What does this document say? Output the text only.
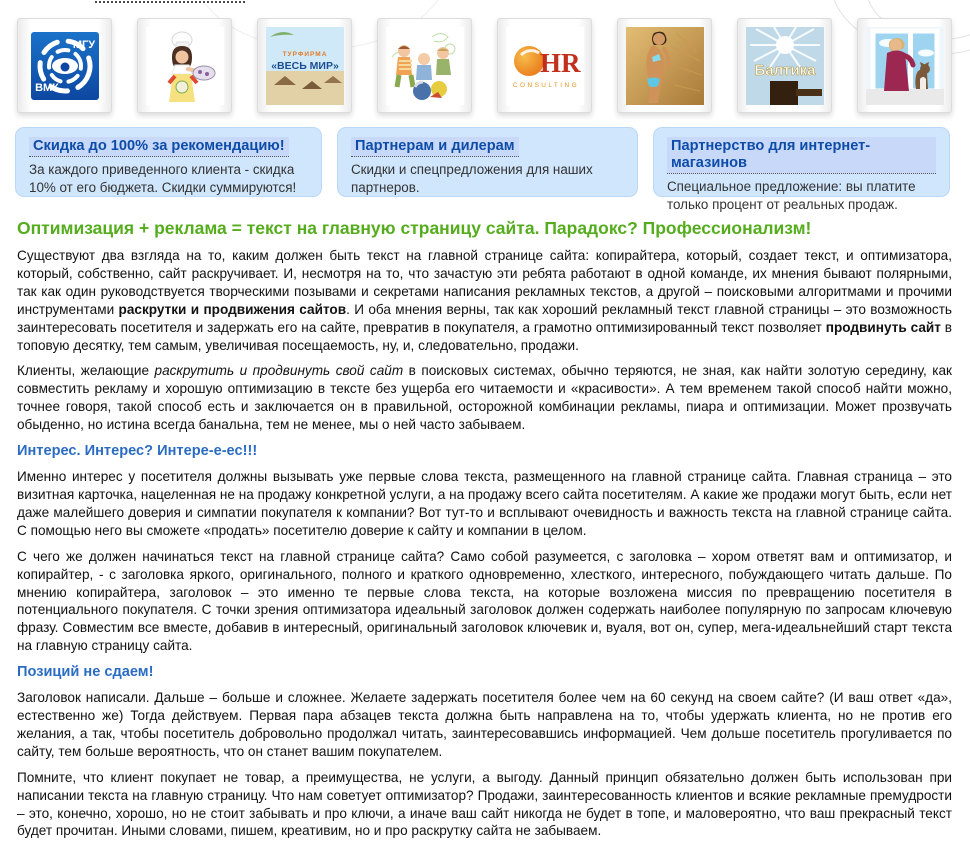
МГУ
ВМК
ТУРФИРМА
«ВЕСЬ МИР»	HR
CONSULTING
Балтика
Скидка до 100% за рекомендацию!
За каждого приведенного клиента - скидка 10% от его бюджета. Скидки суммируются!
Партнерам и дилерам
Скидки и спецпредложения для наших партнеров.
Партнерство для интернет-магазинов
Специальное предложение: вы платите только процент от реальных продаж.
Оптимизация + реклама = текст на главную страницу сайта. Парадокс? Профессионализм!

Существуют два взгляда на то, каким должен быть текст на главной странице сайта: копирайтера, который, создает текст, и оптимизатора, который, собственно, сайт раскручивает. И, несмотря на то, что зачастую эти ребята работают в одной команде, их мнения бывают полярными, так как один руководствуется творческими позывами и секретами написания рекламных текстов, а другой – поисковыми алгоритмами и прочими инструментами раскрутки и продвижения сайтов. И оба мнения верны, так как хороший рекламный текст главной страницы – это возможность заинтересовать посетителя и задержать его на сайте, превратив в покупателя, а грамотно оптимизированный текст позволяет продвинуть сайт в топовую десятку, тем самым, увеличивая посещаемость, ну, и, следовательно, продажи.

Клиенты, желающие раскрутить и продвинуть свой сайт в поисковых системах, обычно теряются, не зная, как найти золотую середину, как совместить рекламу и хорошую оптимизацию в тексте без ущерба его читаемости и «красивости». А тем временем такой способ найти можно, точнее говоря, такой способ есть и заключается он в правильной, осторожной комбинации рекламы, пиара и оптимизации. Может прозвучать обыденно, но истина всегда банальна, тем не менее, мы о ней часто забываем.

Интерес. Интерес? Интере-е-ес!!!

Именно интерес у посетителя должны вызывать уже первые слова текста, размещенного на главной странице сайта. Главная страница – это визитная карточка, нацеленная не на продажу конкретной услуги, а на продажу всего сайта посетителям. А какие же продажи могут быть, если нет даже малейшего доверия и симпатии покупателя к компании? Вот тут-то и всплывают очевидность и важность текста на главной странице сайта. С помощью него вы сможете «продать» посетителю доверие к сайту и компании в целом.

С чего же должен начинаться текст на главной странице сайта? Само собой разумеется, с заголовка – хором ответят вам и оптимизатор, и копирайтер, - с заголовка яркого, оригинального, полного и краткого одновременно, хлесткого, интересного, побуждающего читать дальше. По мнению копирайтера, заголовок – это именно те первые слова текста, на которые возложена миссия по превращению посетителя в потенциального покупателя. С точки зрения оптимизатора идеальный заголовок должен содержать наиболее популярную по запросам ключевую фразу. Совместим все вместе, добавив в интересный, оригинальный заголовок ключевик и, вуаля, вот он, супер, мега-идеальнейший старт текста на главную страницу сайта.

Позиций не сдаем!

Заголовок написали. Дальше – больше и сложнее. Желаете задержать посетителя более чем на 60 секунд на своем сайте? (И ваш ответ «да», естественно же) Тогда действуем. Первая пара абзацев текста должна быть направлена на то, чтобы удержать клиента, но не против его желания, а так, чтобы посетитель добровольно продолжал читать, заинтересовавшись информацией. Чем дольше посетитель прогуливается по сайту, тем больше вероятность, что он станет вашим покупателем.

Помните, что клиент покупает не товар, а преимущества, не услуги, а выгоду. Данный принцип обязательно должен быть использован при написании текста на главную страницу. Что нам советует оптимизатор? Продажи, заинтересованность клиентов и всякие рекламные премудрости – это, конечно, хорошо, но не стоит забывать и про ключи, а иначе ваш сайт никогда не будет в топе, и маловероятно, что ваш прекрасный текст будет прочитан. Иными словами, пишем, креативим, но и про раскрутку сайта не забываем.
